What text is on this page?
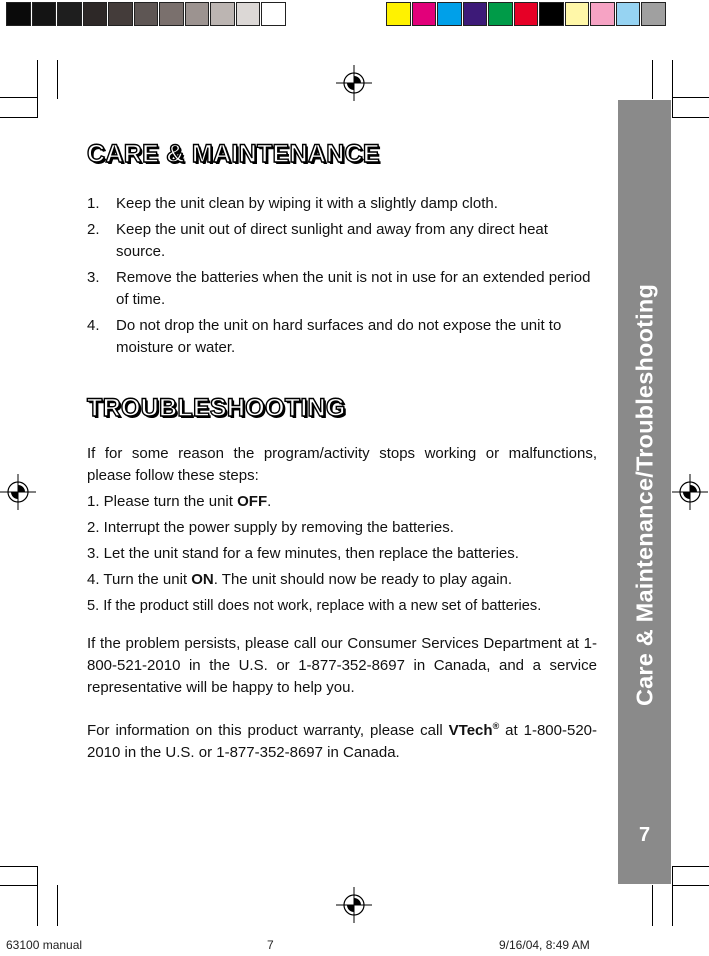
Care & Maintenance/Troubleshooting
7
CARE & MAINTENANCE
1. Keep the unit clean by wiping it with a slightly damp cloth.
2. Keep the unit out of direct sunlight and away from any direct heat source.
3. Remove the batteries when the unit is not in use for an extended period of time.
4. Do not drop the unit on hard surfaces and do not expose the unit to moisture or water.
TROUBLESHOOTING

If for some reason the program/activity stops working or malfunctions, please follow these steps:

1. Please turn the unit OFF.

2. Interrupt the power supply by removing the batteries.

3. Let the unit stand for a few minutes, then replace the batteries.

4. Turn the unit ON. The unit should now be ready to play again.

5. If the product still does not work, replace with a new set of batteries.

If the problem persists, please call our Consumer Services Department at 1-800-521-2010 in the U.S. or 1-877-352-8697 in Canada, and a service representative will be happy to help you.

For information on this product warranty, please call VTech® at 1-800-520-2010 in the U.S. or 1-877-352-8697 in Canada.

63100 manual	7	9/16/04, 8:49 AM
